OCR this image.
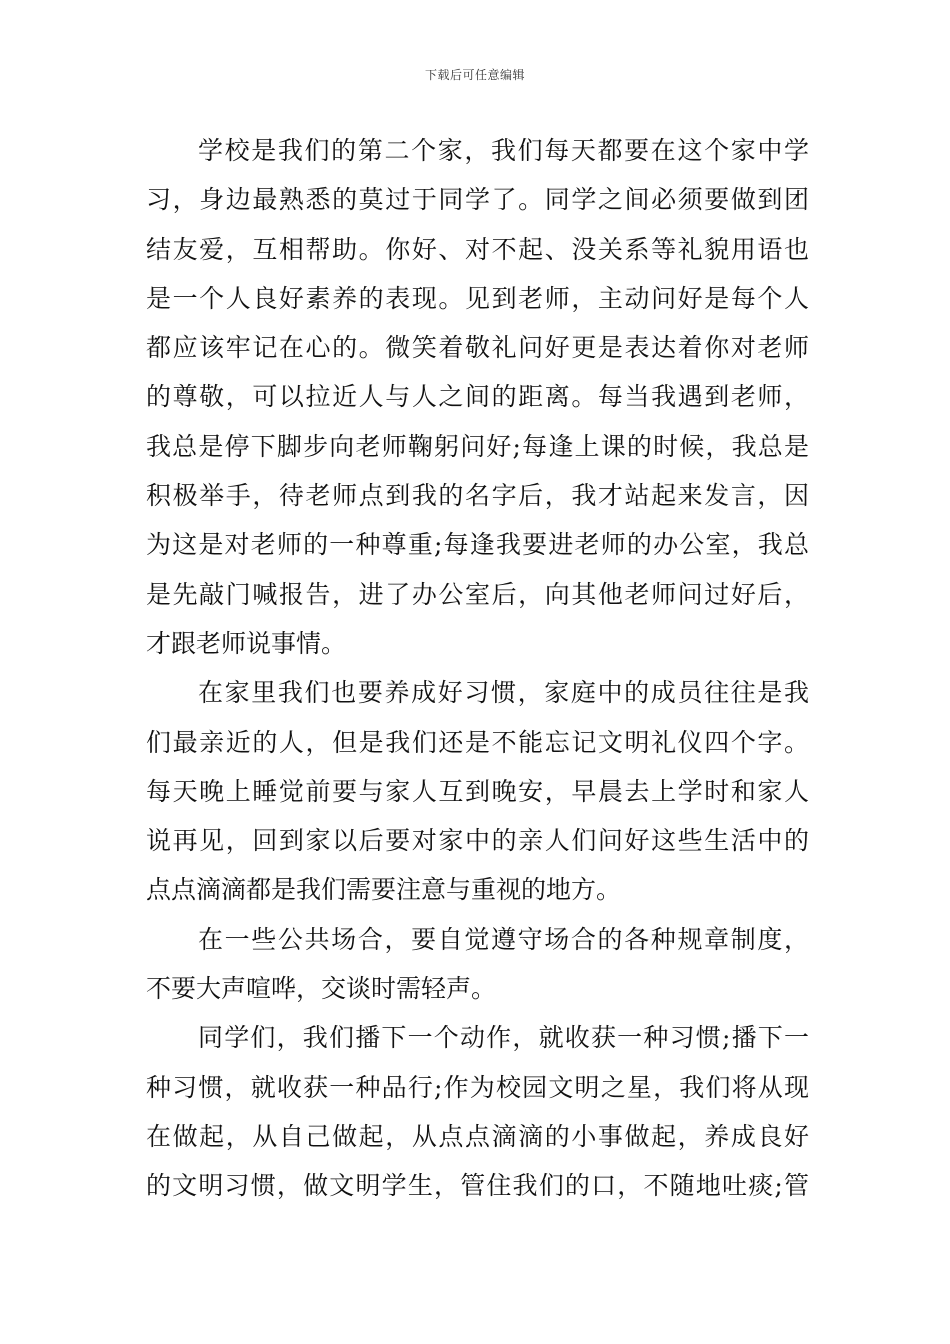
下载后可任意编辑
学校是我们的第二个家，我们每天都要在这个家中学
习，身边最熟悉的莫过于同学了。同学之间必须要做到团
结友爱，互相帮助。你好、对不起、没关系等礼貌用语也
是一个人良好素养的表现。见到老师，主动问好是每个人
都应该牢记在心的。微笑着敬礼问好更是表达着你对老师
的尊敬，可以拉近人与人之间的距离。每当我遇到老师，
我总是停下脚步向老师鞠躬问好;每逢上课的时候，我总是
积极举手，待老师点到我的名字后，我才站起来发言，因
为这是对老师的一种尊重;每逢我要进老师的办公室，我总
是先敲门喊报告，进了办公室后，向其他老师问过好后，
才跟老师说事情。
在家里我们也要养成好习惯，家庭中的成员往往是我
们最亲近的人，但是我们还是不能忘记文明礼仪四个字。
每天晚上睡觉前要与家人互到晚安，早晨去上学时和家人
说再见，回到家以后要对家中的亲人们问好这些生活中的
点点滴滴都是我们需要注意与重视的地方。
在一些公共场合，要自觉遵守场合的各种规章制度，
不要大声喧哗，交谈时需轻声。
同学们，我们播下一个动作，就收获一种习惯;播下一
种习惯，就收获一种品行;作为校园文明之星，我们将从现
在做起，从自己做起，从点点滴滴的小事做起，养成良好
的文明习惯，做文明学生，管住我们的口，不随地吐痰;管
